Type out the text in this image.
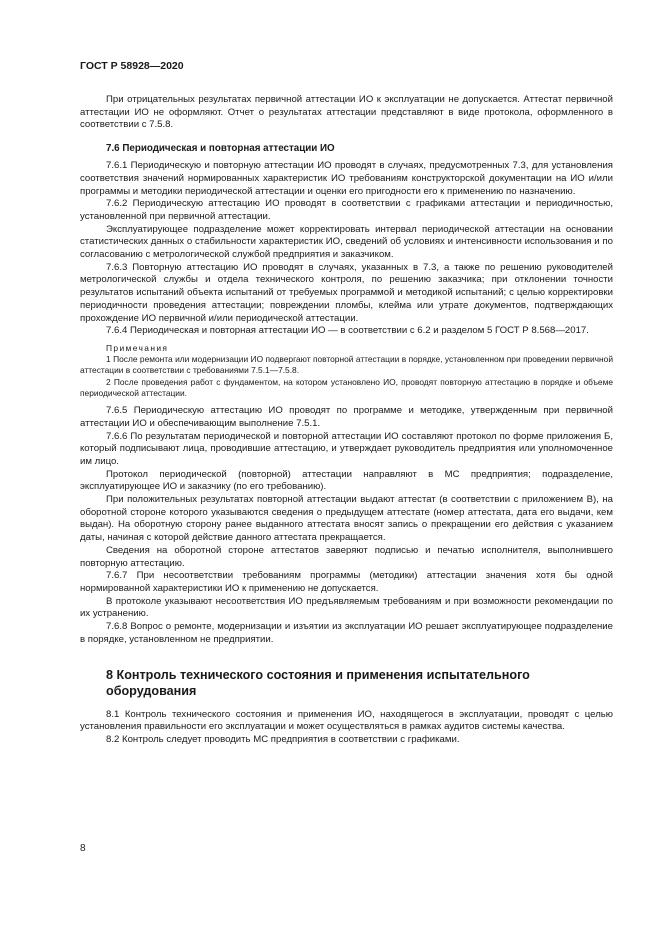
ГОСТ Р 58928—2020

При отрицательных результатах первичной аттестации ИО к эксплуатации не допускается. Аттестат первичной аттестации ИО не оформляют. Отчет о результатах аттестации представляют в виде протокола, оформленного в соответствии с 7.5.8.

7.6 Периодическая и повторная аттестации ИО

7.6.1 Периодическую и повторную аттестации ИО проводят в случаях, предусмотренных 7.3, для установления соответствия значений нормированных характеристик ИО требованиям конструкторской документации на ИО и/или программы и методики периодической аттестации и оценки его пригодности его к применению по назначению.

7.6.2 Периодическую аттестацию ИО проводят в соответствии с графиками аттестации и периодичностью, установленной при первичной аттестации.

Эксплуатирующее подразделение может корректировать интервал периодической аттестации на основании статистических данных о стабильности характеристик ИО, сведений об условиях и интенсивности использования и по согласованию с метрологической службой предприятия и заказчиком.

7.6.3 Повторную аттестацию ИО проводят в случаях, указанных в 7.3, а также по решению руководителей метрологической службы и отдела технического контроля, по решению заказчика; при отклонении точности результатов испытаний объекта испытаний от требуемых программой и методикой испытаний; с целью корректировки периодичности проведения аттестации; повреждении пломбы, клейма или утрате документов, подтверждающих прохождение ИО первичной и/или периодической аттестации.

7.6.4 Периодическая и повторная аттестации ИО — в соответствии с 6.2 и разделом 5 ГОСТ Р 8.568—2017.

Примечания

1 После ремонта или модернизации ИО подвергают повторной аттестации в порядке, установленном при проведении первичной аттестации в соответствии с требованиями 7.5.1—7.5.8.

2 После проведения работ с фундаментом, на котором установлено ИО, проводят повторную аттестацию в порядке и объеме периодической аттестации.

7.6.5 Периодическую аттестацию ИО проводят по программе и методике, утвержденным при первичной аттестации ИО и обеспечивающим выполнение 7.5.1.

7.6.6 По результатам периодической и повторной аттестации ИО составляют протокол по форме приложения Б, который подписывают лица, проводившие аттестацию, и утверждает руководитель предприятия или уполномоченное им лицо.

Протокол периодической (повторной) аттестации направляют в МС предприятия; подразделение, эксплуатирующее ИО и заказчику (по его требованию).

При положительных результатах повторной аттестации выдают аттестат (в соответствии с приложением В), на оборотной стороне которого указываются сведения о предыдущем аттестате (номер аттестата, дата его выдачи, кем выдан). На оборотную сторону ранее выданного аттестата вносят запись о прекращении его действия с указанием даты, начиная с которой действие данного аттестата прекращается.

Сведения на оборотной стороне аттестатов заверяют подписью и печатью исполнителя, выполнившего повторную аттестацию.

7.6.7 При несоответствии требованиям программы (методики) аттестации значения хотя бы одной нормированной характеристики ИО к применению не допускается.

В протоколе указывают несоответствия ИО предъявляемым требованиям и при возможности рекомендации по их устранению.

7.6.8 Вопрос о ремонте, модернизации и изъятии из эксплуатации ИО решает эксплуатирующее подразделение в порядке, установленном не предприятии.

8 Контроль технического состояния и применения испытательного оборудования

8.1 Контроль технического состояния и применения ИО, находящегося в эксплуатации, проводят с целью установления правильности его эксплуатации и может осуществляться в рамках аудитов системы качества.

8.2 Контроль следует проводить МС предприятия в соответствии с графиками.

8
